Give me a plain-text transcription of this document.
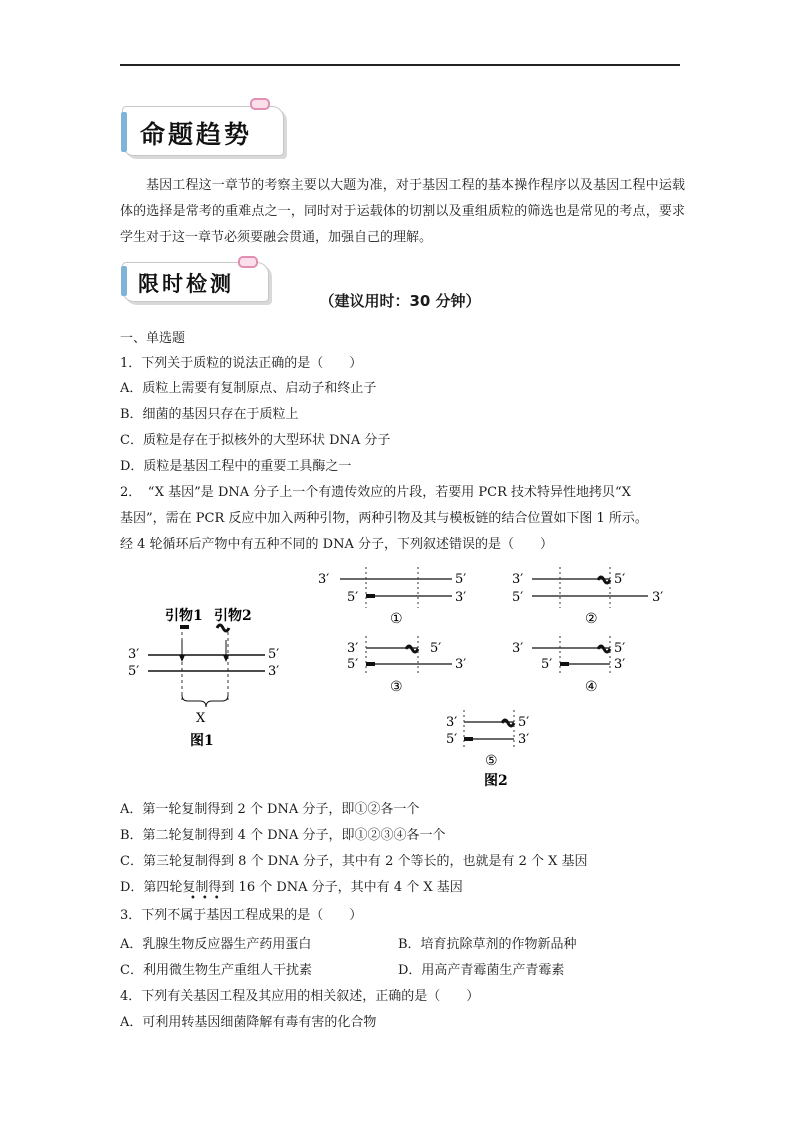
命题趋势
基因工程这一章节的考察主要以大题为准，对于基因工程的基本操作程序以及基因工程中运载体的选择是常考的重难点之一，同时对于运载体的切割以及重组质粒的筛选也是常见的考点，要求学生对于这一章节必须要融会贯通，加强自己的理解。
限时检测
（建议用时：30 分钟）
一、单选题
1．下列关于质粒的说法正确的是（　　）
A．质粒上需要有复制原点、启动子和终止子
B．细菌的基因只存在于质粒上
C．质粒是存在于拟核外的大型环状 DNA 分子
D．质粒是基因工程中的重要工具酶之一
2．　“X 基因”是 DNA 分子上一个有遗传效应的片段，若要用 PCR 技术特异性地拷贝“X
基因”，需在 PCR 反应中加入两种引物，两种引物及其与模板链的结合位置如下图 1 所示。
经 4 轮循环后产物中有五种不同的 DNA 分子，下列叙述错误的是（　　）
引物1 引物2
3′	5′
5′	3′
X
图1
3′	5′
5′	3′
①
3′	5′
5′	3′
②
3′	5′
5′	3′
③
3′	5′
5′	3′
④
3′	5′
5′	3′
⑤
图2
A．第一轮复制得到 2 个 DNA 分子，即①②各一个
B．第二轮复制得到 4 个 DNA 分子，即①②③④各一个
C．第三轮复制得到 8 个 DNA 分子，其中有 2 个等长的，也就是有 2 个 X 基因
D．第四轮复制得到 16 个 DNA 分子，其中有 4 个 X 基因
•••
3．下列不属于基因工程成果的是（　　）
A．乳腺生物反应器生产药用蛋白	B．培育抗除草剂的作物新品种
C．利用微生物生产重组人干扰素	D．用高产青霉菌生产青霉素
4．下列有关基因工程及其应用的相关叙述，正确的是（　　）
A．可利用转基因细菌降解有毒有害的化合物
